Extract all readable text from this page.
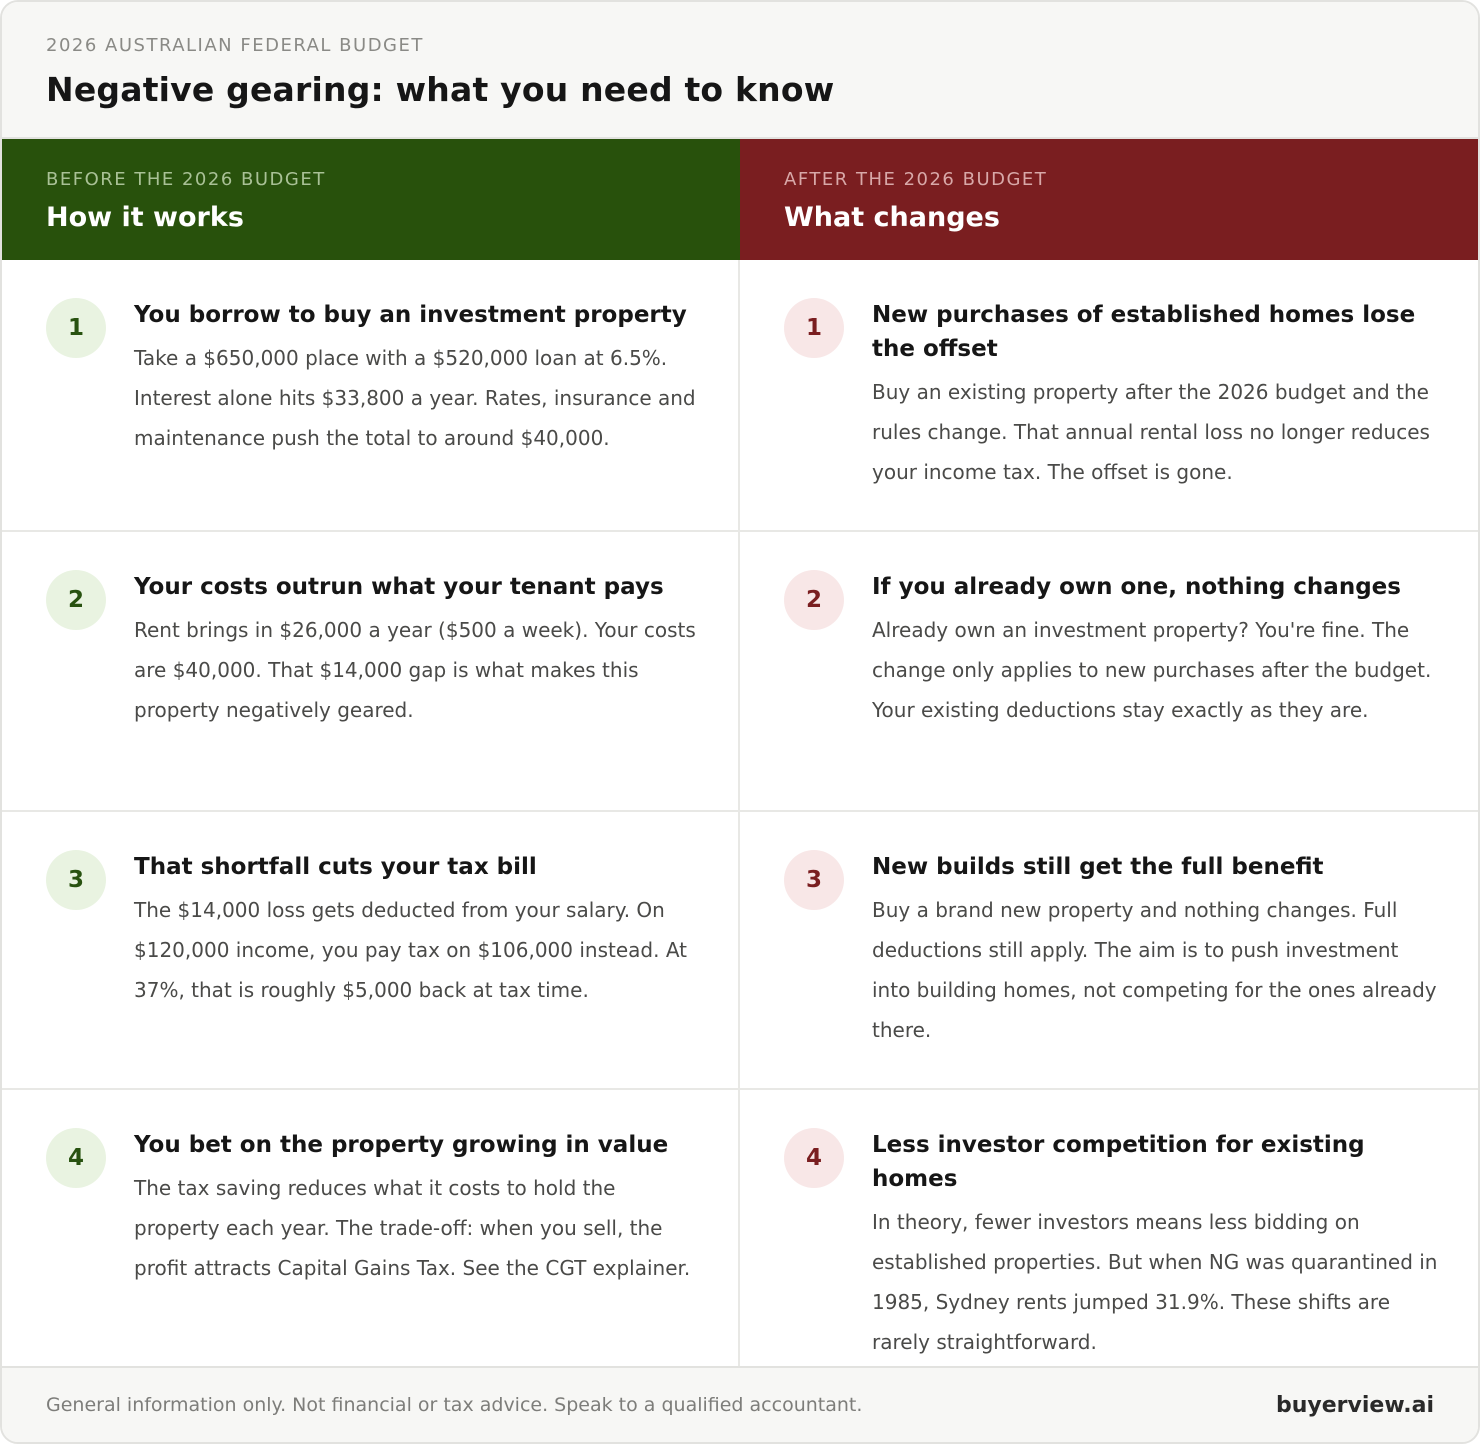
2026 AUSTRALIAN FEDERAL BUDGET
Negative gearing: what you need to know
BEFORE THE 2026 BUDGET
How it works
AFTER THE 2026 BUDGET
What changes
1	You borrow to buy an investment property
Take a $650,000 place with a $520,000 loan at 6.5%. Interest alone hits $33,800 a year. Rates, insurance and maintenance push the total to around $40,000.
1	New purchases of established homes lose the offset
Buy an existing property after the 2026 budget and the rules change. That annual rental loss no longer reduces your income tax. The offset is gone.
2	Your costs outrun what your tenant pays
Rent brings in $26,000 a year ($500 a week). Your costs are $40,000. That $14,000 gap is what makes this property negatively geared.
2	If you already own one, nothing changes
Already own an investment property? You're fine. The change only applies to new purchases after the budget. Your existing deductions stay exactly as they are.
3	That shortfall cuts your tax bill
The $14,000 loss gets deducted from your salary. On $120,000 income, you pay tax on $106,000 instead. At 37%, that is roughly $5,000 back at tax time.
3	New builds still get the full benefit
Buy a brand new property and nothing changes. Full deductions still apply. The aim is to push investment into building homes, not competing for the ones already there.
4	You bet on the property growing in value
The tax saving reduces what it costs to hold the property each year. The trade-off: when you sell, the profit attracts Capital Gains Tax. See the CGT explainer.
4	Less investor competition for existing homes
In theory, fewer investors means less bidding on established properties. But when NG was quarantined in 1985, Sydney rents jumped 31.9%. These shifts are rarely straightforward.
General information only. Not financial or tax advice. Speak to a qualified accountant.	buyerview.ai
